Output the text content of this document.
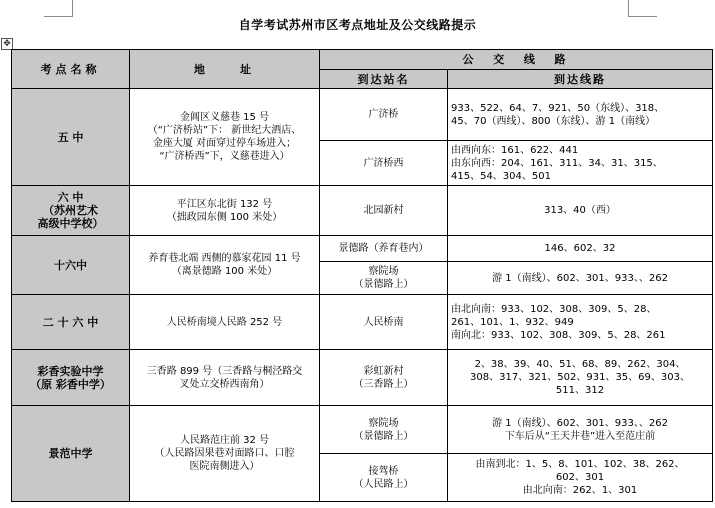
✥
自学考试苏州市区考点地址及公交线路提示
考点名称	地    址	公  交  线  路	
		到达站名	到达线路
五 中	金阊区义慈巷 15 号
（“广济桥站”下： 新世纪大酒店、
金座大厦 对面穿过停车场进入；
“广济桥西”下，义慈巷进入）	广济桥	933、522、64、7、921、50（东线）、318、
45、70（西线）、800（东线）、游 1（南线）

		广济桥西	由西向东：161、622、441
由东向西：204、161、311、34、31、315、
415、54、304、501

六 中
（苏州艺术
高级中学校）	平江区东北街 132 号
（拙政园东侧 100 米处）	北园新村	313、40（西）

十六中	养育巷北端 西侧的慕家花园 11 号
（离景德路 100 米处）	景德路（养育巷内）	146、602、32

		察院场
（景德路上）	游 1（南线）、602、301、933、、262

二 十 六 中	人民桥南境人民路 252 号	人民桥南	由北向南：933、102、308、309、5、28、
261、101、1、932、949
南向北：933、102、308、309、5、28、261

彩香实验中学
（原 彩香中学）	三香路 899 号（三香路与桐泾路交
叉处立交桥西南角）	彩虹新村
（三香路上）	2、38、39、40、51、68、89、262、304、
308、317、321、502、931、35、69、303、
511、312

景范中学	人民路范庄前 32 号
（人民路因果巷对面路口、口腔
医院南侧进入）	察院场
（景德路上）	游 1（南线）、602、301、933、、262
下车后从“王天井巷”进入至范庄前

		接驾桥
（人民路上）	由南到北：1、5、8、101、102、38、262、
602、301
由北向南：262、1、301
